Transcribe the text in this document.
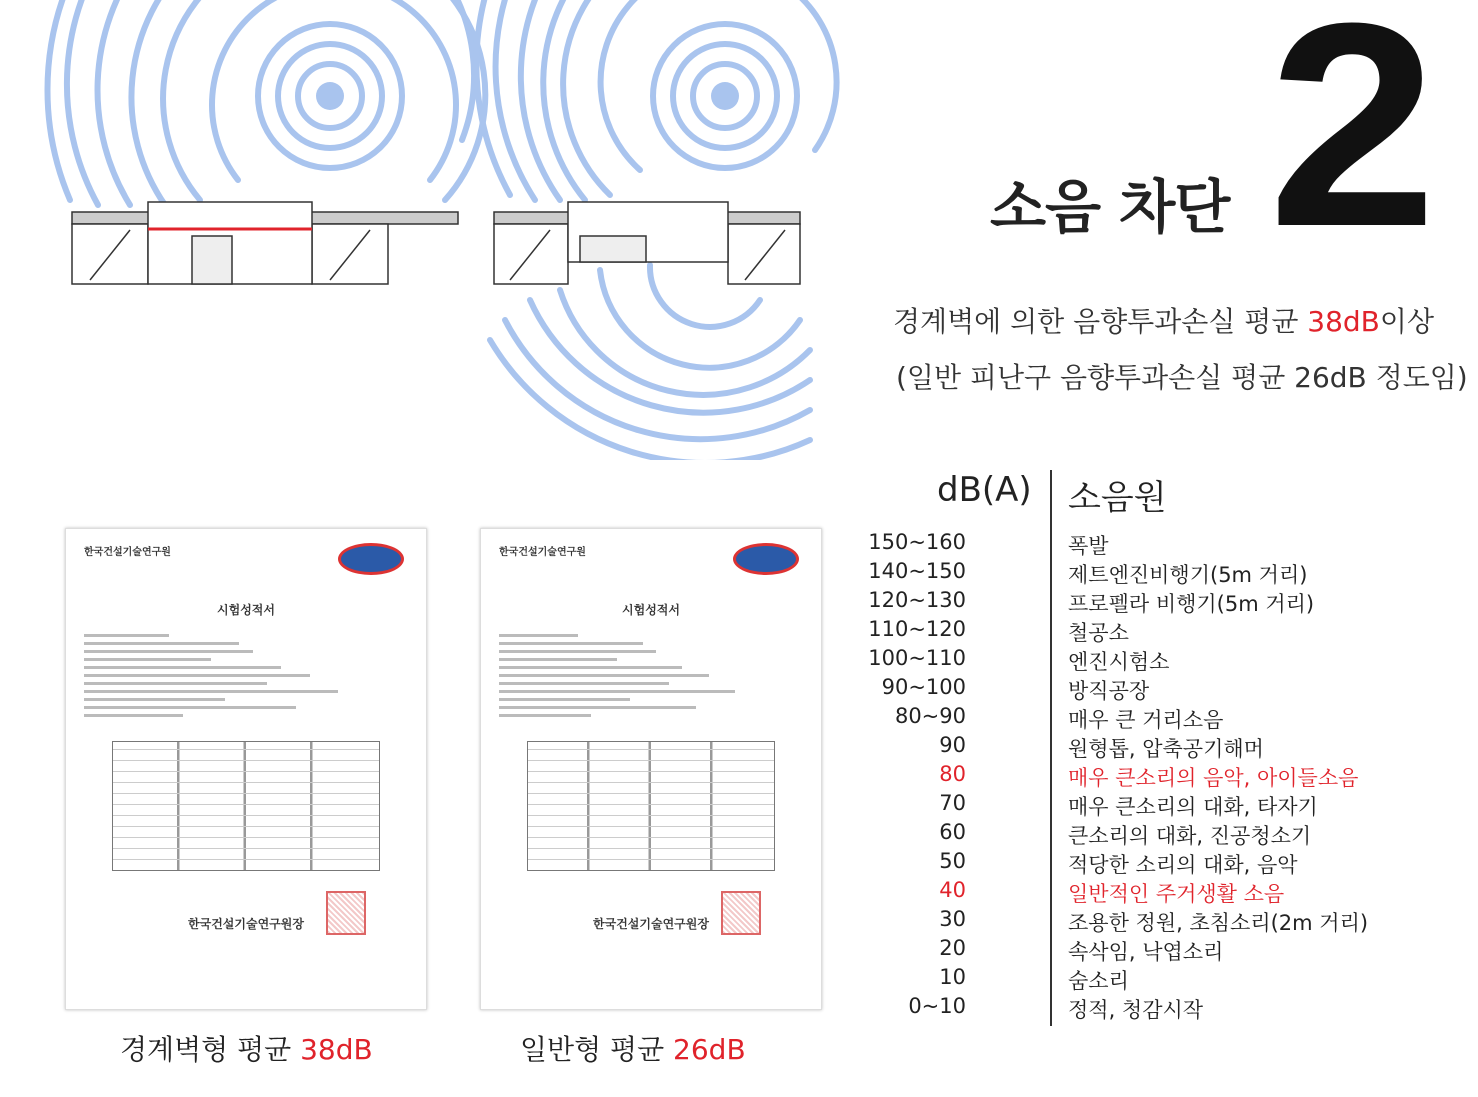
소음 차단 2
경계벽에 의한 음향투과손실 평균 38dB이상
(일반 피난구 음향투과손실 평균 26dB 정도임)
dB(A) 소음원
150~160	폭발
140~150	제트엔진비행기(5m 거리)
120~130	프로펠라 비행기(5m 거리)
110~120	철공소
100~110	엔진시험소
90~100	방직공장
80~90	매우 큰 거리소음
90	원형톱, 압축공기해머
80	매우 큰소리의 음악, 아이들소음
70	매우 큰소리의 대화, 타자기
60	큰소리의 대화, 진공청소기
50	적당한 소리의 대화, 음악
40	일반적인 주거생활 소음
30	조용한 정원, 초침소리(2m 거리)
20	속삭임, 낙엽소리
10	숨소리
0~10	정적, 청감시작
한국건설기술연구원
시험성적서
한국건설기술연구원장
한국건설기술연구원
시험성적서
한국건설기술연구원장
경계벽형 평균 38dB	일반형 평균 26dB
